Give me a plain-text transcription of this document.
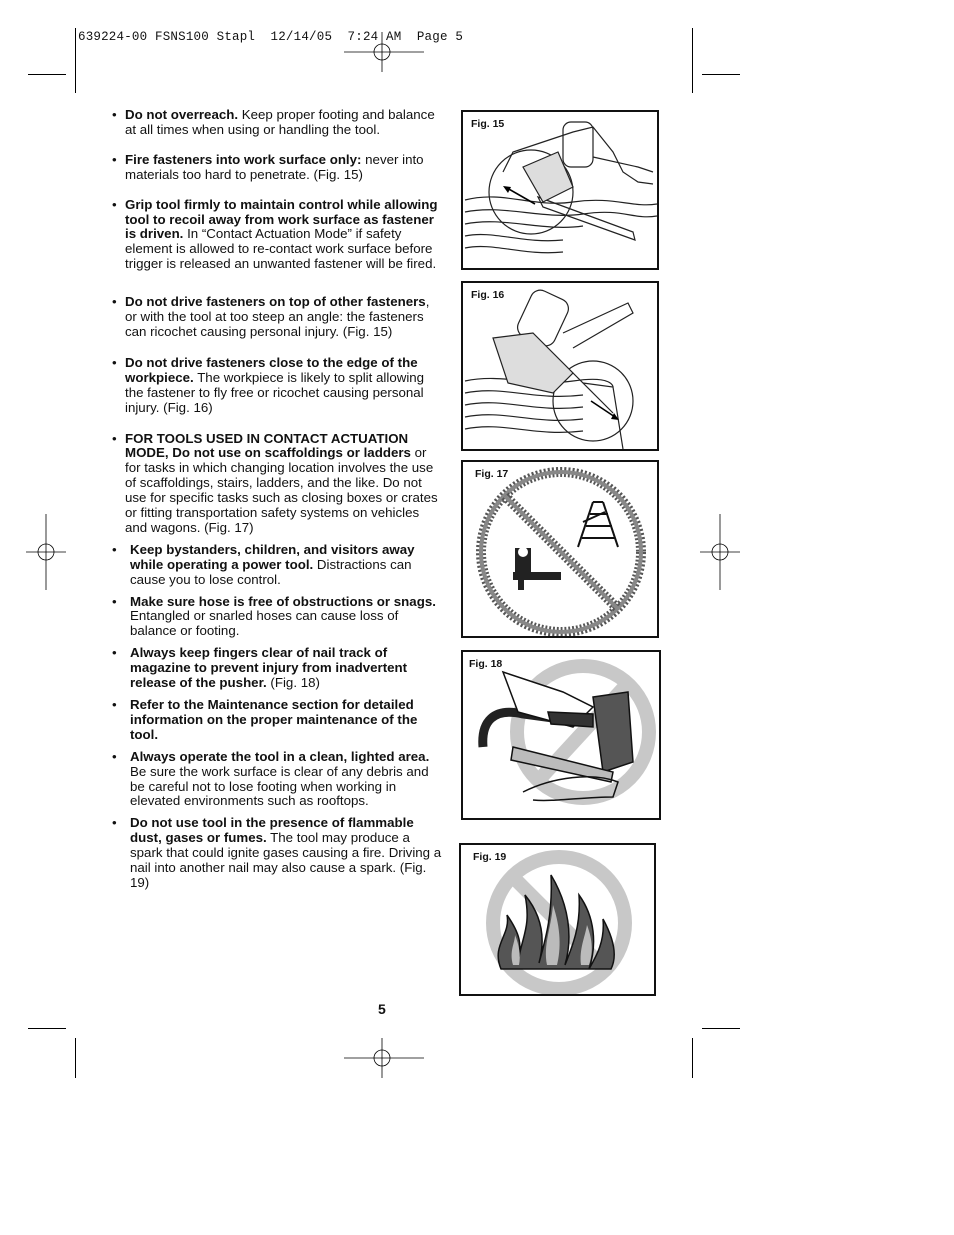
639224-00 FSNS100 Stapl  12/14/05  7:24 AM  Page 5
• Do not overreach. Keep proper footing and balance at all times when using or handling the tool.
• Fire fasteners into work surface only: never into materials too hard to penetrate. (Fig. 15)
• Grip tool firmly to maintain control while allowing tool to recoil away from work surface as fastener is driven. In “Contact Actuation Mode” if safety element is allowed to re-contact work surface before trigger is released an unwanted fastener will be fired.
• Do not drive fasteners on top of other fasteners, or with the tool at too steep an angle: the fasteners can ricochet causing personal injury. (Fig. 15)
• Do not drive fasteners close to the edge of the workpiece. The workpiece is likely to split allowing the fastener to fly free or ricochet causing personal injury. (Fig. 16)
• FOR TOOLS USED IN CONTACT ACTUATION MODE, Do not use on scaffoldings or ladders or for tasks in which changing location involves the use of scaffoldings, stairs, ladders, and the like. Do not use for specific tasks such as closing boxes or crates or fitting transportation safety systems on vehicles and wagons. (Fig. 17)
• Keep bystanders, children, and visitors away while operating a power tool. Distractions can cause you to lose control.
• Make sure hose is free of obstructions or snags. Entangled or snarled hoses can cause loss of balance or footing.
• Always keep fingers clear of nail track of magazine to prevent injury from inadvertent release of the pusher. (Fig. 18)
• Refer to the Maintenance section for detailed information on the proper maintenance of the tool.
• Always operate the tool in a clean, lighted area. Be sure the work surface is clear of any debris and be careful not to lose footing when working in elevated environments such as rooftops.
• Do not use tool in the presence of flammable dust, gases or fumes. The tool may produce a spark that could ignite gases causing a fire. Driving a nail into another nail may also cause a spark. (Fig. 19)
Fig. 15
Fig. 16
Fig. 17
Fig. 18
Fig. 19
5
